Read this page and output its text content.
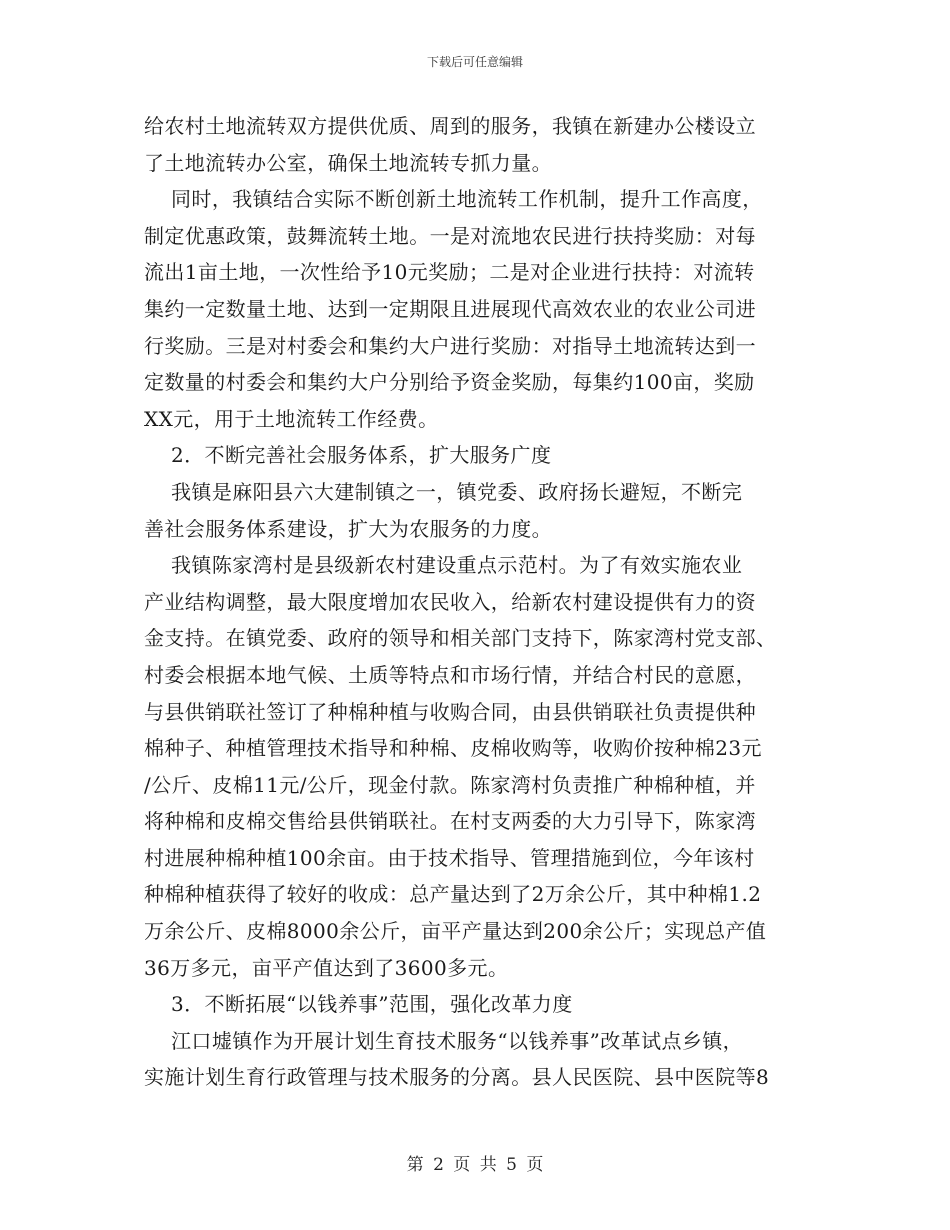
下载后可任意编辑
给农村土地流转双方提供优质、周到的服务，我镇在新建办公楼设立
了土地流转办公室，确保土地流转专抓力量。
同时，我镇结合实际不断创新土地流转工作机制，提升工作高度，
制定优惠政策，鼓舞流转土地。一是对流地农民进行扶持奖励：对每
流出1亩土地，一次性给予10元奖励；二是对企业进行扶持：对流转
集约一定数量土地、达到一定期限且进展现代高效农业的农业公司进
行奖励。三是对村委会和集约大户进行奖励：对指导土地流转达到一
定数量的村委会和集约大户分别给予资金奖励，每集约100亩，奖励
XX元，用于土地流转工作经费。
2．不断完善社会服务体系，扩大服务广度
我镇是麻阳县六大建制镇之一，镇党委、政府扬长避短，不断完
善社会服务体系建设，扩大为农服务的力度。
我镇陈家湾村是县级新农村建设重点示范村。为了有效实施农业
产业结构调整，最大限度增加农民收入，给新农村建设提供有力的资
金支持。在镇党委、政府的领导和相关部门支持下，陈家湾村党支部、
村委会根据本地气候、土质等特点和市场行情，并结合村民的意愿，
与县供销联社签订了种棉种植与收购合同，由县供销联社负责提供种
棉种子、种植管理技术指导和种棉、皮棉收购等，收购价按种棉23元
/公斤、皮棉11元/公斤，现金付款。陈家湾村负责推广种棉种植，并
将种棉和皮棉交售给县供销联社。在村支两委的大力引导下，陈家湾
村进展种棉种植100余亩。由于技术指导、管理措施到位，今年该村
种棉种植获得了较好的收成：总产量达到了2万余公斤，其中种棉1.2
万余公斤、皮棉8000余公斤，亩平产量达到200余公斤；实现总产值
36万多元，亩平产值达到了3600多元。
3．不断拓展“以钱养事”范围，强化改革力度
江口墟镇作为开展计划生育技术服务“以钱养事”改革试点乡镇，
实施计划生育行政管理与技术服务的分离。县人民医院、县中医院等8
第 2 页 共 5 页
